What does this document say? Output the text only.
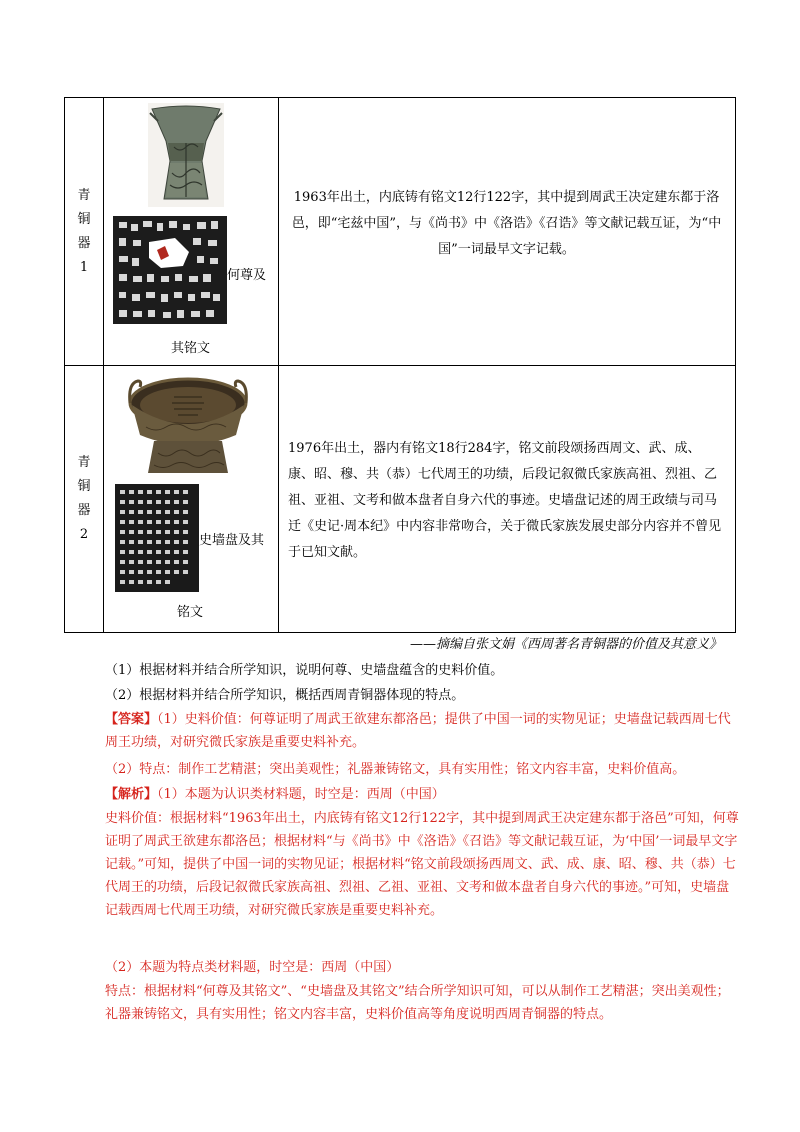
青铜器1
何尊及
其铭文
1963年出土，内底铸有铭文12行122字，其中提到周武王决定建东都于洛邑，即“宅兹中国”，与《尚书》中《洛诰》《召诰》等文献记载互证，为“中国”一词最早文字记载。
青铜器2	史墙盘及其
铭文
1976年出土，器内有铭文18行284字，铭文前段颂扬西周文、武、成、康、昭、穆、共（恭）七代周王的功绩，后段记叙微氏家族高祖、烈祖、乙祖、亚祖、文考和做本盘者自身六代的事迹。史墙盘记述的周王政绩与司马迁《史记·周本纪》中内容非常吻合，关于微氏家族发展史部分内容并不曾见于已知文献。
——摘编自张文娟《西周著名青铜器的价值及其意义》
（1）根据材料并结合所学知识，说明何尊、史墙盘蕴含的史料价值。
（2）根据材料并结合所学知识，概括西周青铜器体现的特点。
【答案】（1）史料价值：何尊证明了周武王欲建东都洛邑；提供了中国一词的实物见证；史墙盘记载西周七代周王功绩，对研究微氏家族是重要史料补充。
（2）特点：制作工艺精湛；突出美观性；礼器兼铸铭文，具有实用性；铭文内容丰富，史料价值高。
【解析】（1）本题为认识类材料题，时空是：西周（中国）
史料价值：根据材料“1963年出土，内底铸有铭文12行122字，其中提到周武王决定建东都于洛邑”可知，何尊证明了周武王欲建东都洛邑；根据材料“与《尚书》中《洛诰》《召诰》等文献记载互证，为‘中国’一词最早文字记载。”可知，提供了中国一词的实物见证；根据材料“铭文前段颂扬西周文、武、成、康、昭、穆、共（恭）七代周王的功绩，后段记叙微氏家族高祖、烈祖、乙祖、亚祖、文考和做本盘者自身六代的事迹。”可知，史墙盘记载西周七代周王功绩，对研究微氏家族是重要史料补充。
（2）本题为特点类材料题，时空是：西周（中国）
特点：根据材料“何尊及其铭文”、“史墙盘及其铭文”结合所学知识可知，可以从制作工艺精湛；突出美观性；礼器兼铸铭文，具有实用性；铭文内容丰富，史料价值高等角度说明西周青铜器的特点。
